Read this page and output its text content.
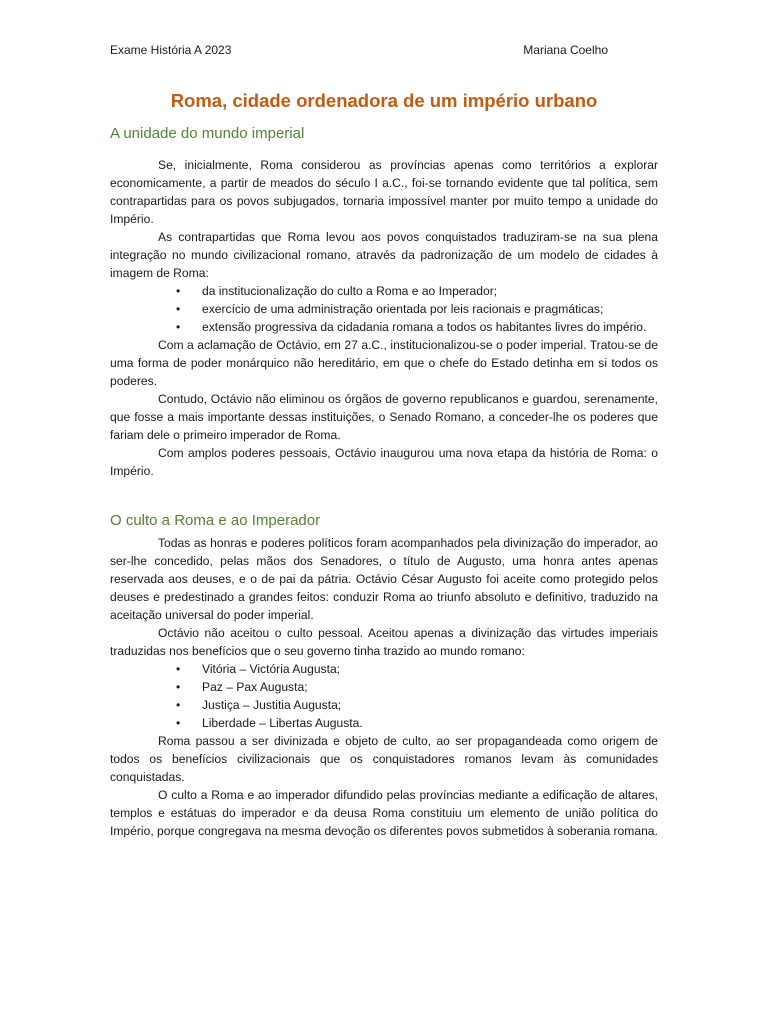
Exame História A 2023	Mariana Coelho
Roma, cidade ordenadora de um império urbano
A unidade do mundo imperial

Se, inicialmente, Roma considerou as províncias apenas como territórios a explorar economicamente, a partir de meados do século I a.C., foi-se tornando evidente que tal política, sem contrapartidas para os povos subjugados, tornaria impossível manter por muito tempo a unidade do Império.

As contrapartidas que Roma levou aos povos conquistados traduziram-se na sua plena integração no mundo civilizacional romano, através da padronização de um modelo de cidades à imagem de Roma:

• da institucionalização do culto a Roma e ao Imperador;
• exercício de uma administração orientada por leis racionais e pragmáticas;
• extensão progressiva da cidadania romana a todos os habitantes livres do império.

Com a aclamação de Octávio, em 27 a.C., institucionalizou-se o poder imperial. Tratou-se de uma forma de poder monárquico não hereditário, em que o chefe do Estado detinha em si todos os poderes.

Contudo, Octávio não eliminou os órgãos de governo republicanos e guardou, serenamente, que fosse a mais importante dessas instituições, o Senado Romano, a conceder-lhe os poderes que fariam dele o primeiro imperador de Roma.

Com amplos poderes pessoais, Octávio inaugurou uma nova etapa da história de Roma: o Império.

O culto a Roma e ao Imperador

Todas as honras e poderes políticos foram acompanhados pela divinização do imperador, ao ser-lhe concedido, pelas mãos dos Senadores, o título de Augusto, uma honra antes apenas reservada aos deuses, e o de pai da pátria. Octávio César Augusto foi aceite como protegido pelos deuses e predestinado a grandes feitos: conduzir Roma ao triunfo absoluto e definitivo, traduzido na aceitação universal do poder imperial.

Octávio não aceitou o culto pessoal. Aceitou apenas a divinização das virtudes imperiais traduzidas nos benefícios que o seu governo tinha trazido ao mundo romano:

• Vitória – Victória Augusta;
• Paz – Pax Augusta;
• Justiça – Justitia Augusta;
• Liberdade – Libertas Augusta.

Roma passou a ser divinizada e objeto de culto, ao ser propagandeada como origem de todos os benefícios civilizacionais que os conquistadores romanos levam às comunidades conquistadas.

O culto a Roma e ao imperador difundido pelas províncias mediante a edificação de altares, templos e estátuas do imperador e da deusa Roma constituiu um elemento de união política do Império, porque congregava na mesma devoção os diferentes povos submetidos à soberania romana.
